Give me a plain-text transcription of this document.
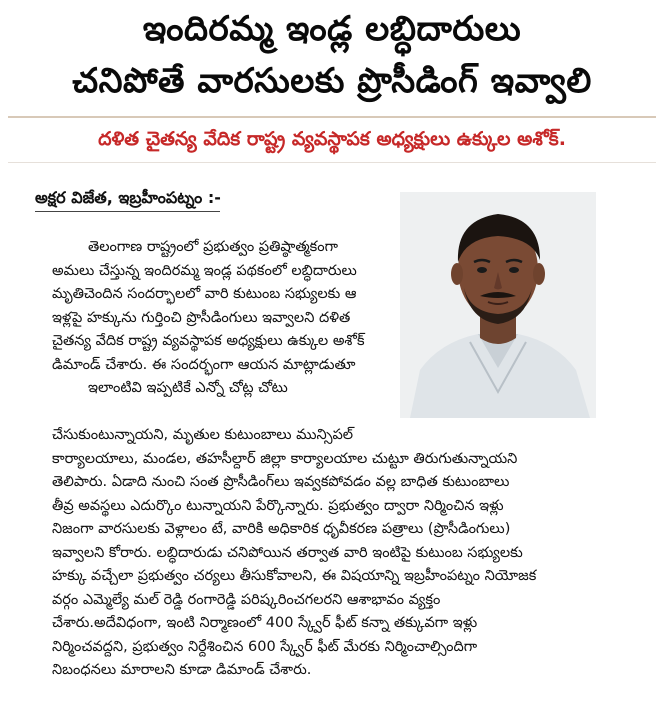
ఇందిరమ్మ ఇండ్ల లబ్ధిదారులు
చనిపోతే వారసులకు ప్రొసీడింగ్ ఇవ్వాలి
దళిత చైతన్య వేదిక రాష్ట్ర వ్యవస్థాపక అధ్యక్షులు ఉక్కుల అశోక్.
అక్షర విజేత, ఇబ్రహీంపట్నం :-

తెలంగాణ రాష్ట్రంలో ప్రభుత్వం ప్రతిష్ఠాత్మకంగా

అమలు చేస్తున్న ఇందిరమ్మ ఇండ్ల పథకంలో లబ్ధిదారులు

మృతిచెందిన సందర్భాలలో వారి కుటుంబ సభ్యులకు ఆ

ఇళ్లపై హక్కును గుర్తించి ప్రొసీడింగులు ఇవ్వాలని దళిత

చైతన్య వేదిక రాష్ట్ర వ్యవస్థాపక అధ్యక్షులు ఉక్కుల అశోక్

డిమాండ్ చేశారు. ఈ సందర్భంగా ఆయన మాట్లాడుతూ

ఇలాంటివి ఇప్పటికే ఎన్నో చోట్ల చోటు

చేసుకుంటున్నాయని, మృతుల కుటుంబాలు మున్సిపల్

కార్యాలయాలు, మండల, తహసీల్దార్ జిల్లా కార్యాలయాల చుట్టూ తిరుగుతున్నాయని

తెలిపారు. ఏడాది నుంచి సంత ప్రొసీడింగ్‌లు ఇవ్వకపోవడం వల్ల బాధిత కుటుంబాలు

తీవ్ర అవస్థలు ఎదుర్కొం టున్నాయని పేర్కొన్నారు. ప్రభుత్వం ద్వారా నిర్మించిన ఇళ్లు

నిజంగా వారసులకు వెళ్లాలం టే, వారికి అధికారిక ధృవీకరణ పత్రాలు (ప్రొసీడింగులు)

ఇవ్వాలని కోరారు. లబ్ధిదారుడు చనిపోయిన తర్వాత వారి ఇంటిపై కుటుంబ సభ్యులకు

హక్కు వచ్చేలా ప్రభుత్వం చర్యలు తీసుకోవాలని, ఈ విషయాన్ని ఇబ్రహీంపట్నం నియోజక

వర్గం ఎమ్మెల్యే మల్ రెడ్డి రంగారెడ్డి పరిష్కరించగలరని ఆశాభావం వ్యక్తం

చేశారు.అదేవిధంగా, ఇంటి నిర్మాణంలో 400 స్క్వేర్ ఫీట్ కన్నా తక్కువగా ఇళ్లు

నిర్మించవద్దని, ప్రభుత్వం నిర్దేశించిన 600 స్క్వేర్ ఫీట్ మేరకు నిర్మించాల్సిందిగా

నిబంధనలు మారాలని కూడా డిమాండ్ చేశారు.
